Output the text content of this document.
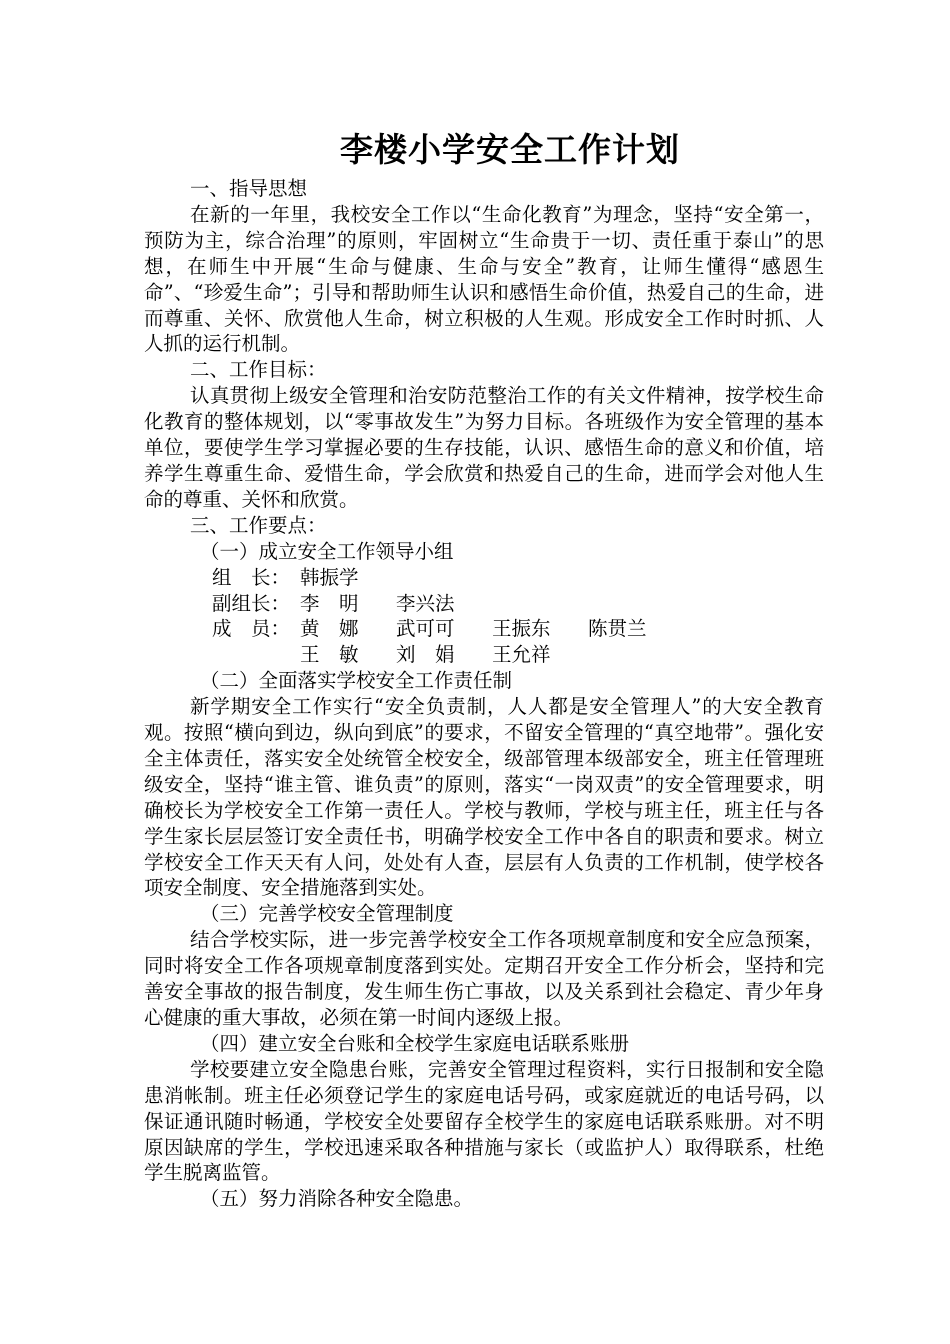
李楼小学安全工作计划

一、指导思想

在新的一年里，我校安全工作以“生命化教育”为理念，坚持“安全第一，预防为主，综合治理”的原则，牢固树立“生命贵于一切、责任重于泰山”的思想，在师生中开展“生命与健康、生命与安全”教育，让师生懂得“感恩生命”、“珍爱生命”；引导和帮助师生认识和感悟生命价值，热爱自己的生命，进而尊重、关怀、欣赏他人生命，树立积极的人生观。形成安全工作时时抓、人人抓的运行机制。

二、工作目标：

认真贯彻上级安全管理和治安防范整治工作的有关文件精神，按学校生命化教育的整体规划，以“零事故发生”为努力目标。各班级作为安全管理的基本单位，要使学生学习掌握必要的生存技能，认识、感悟生命的意义和价值，培养学生尊重生命、爱惜生命，学会欣赏和热爱自己的生命，进而学会对他人生命的尊重、关怀和欣赏。

三、工作要点：

（一）成立安全工作领导小组

组　长： 韩振学

副组长： 李　明 李兴法

成　员： 黄　娜 武可可 王振东 陈贯兰

王　敏 刘　娟 王允祥

（二）全面落实学校安全工作责任制

新学期安全工作实行“安全负责制，人人都是安全管理人”的大安全教育观。按照“横向到边，纵向到底”的要求，不留安全管理的“真空地带”。强化安全主体责任，落实安全处统管全校安全，级部管理本级部安全，班主任管理班级安全，坚持“谁主管、谁负责”的原则，落实“一岗双责”的安全管理要求，明确校长为学校安全工作第一责任人。学校与教师，学校与班主任，班主任与各学生家长层层签订安全责任书，明确学校安全工作中各自的职责和要求。树立学校安全工作天天有人问，处处有人查，层层有人负责的工作机制，使学校各项安全制度、安全措施落到实处。

（三）完善学校安全管理制度

结合学校实际，进一步完善学校安全工作各项规章制度和安全应急预案，同时将安全工作各项规章制度落到实处。定期召开安全工作分析会，坚持和完善安全事故的报告制度，发生师生伤亡事故，以及关系到社会稳定、青少年身心健康的重大事故，必须在第一时间内逐级上报。

（四）建立安全台账和全校学生家庭电话联系账册

学校要建立安全隐患台账，完善安全管理过程资料，实行日报制和安全隐患消帐制。班主任必须登记学生的家庭电话号码，或家庭就近的电话号码，以保证通讯随时畅通，学校安全处要留存全校学生的家庭电话联系账册。对不明原因缺席的学生，学校迅速采取各种措施与家长（或监护人）取得联系，杜绝学生脱离监管。

（五）努力消除各种安全隐患。
